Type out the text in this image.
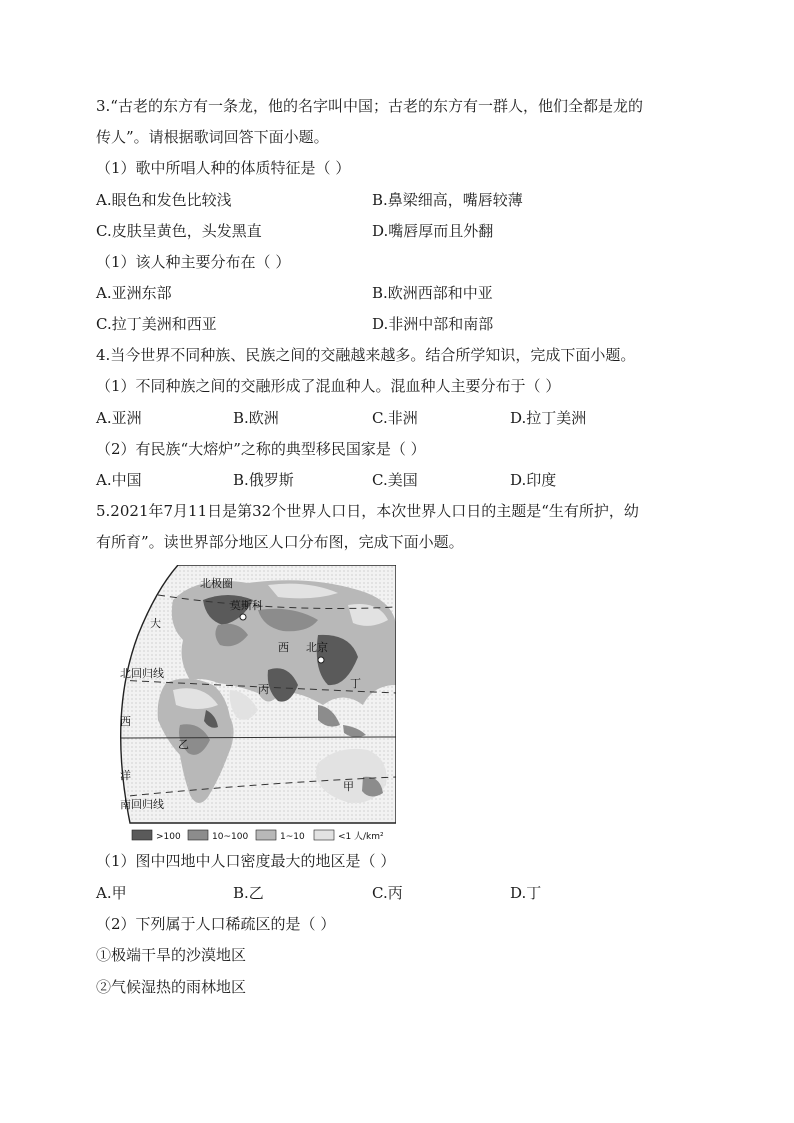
3.“古老的东方有一条龙，他的名字叫中国；古老的东方有一群人，他们全都是龙的
传人”。请根据歌词回答下面小题。
（1）歌中所唱人种的体质特征是（ ）
A.眼色和发色比较浅	B.鼻梁细高，嘴唇较薄
C.皮肤呈黄色，头发黑直	D.嘴唇厚而且外翻
（1）该人种主要分布在（ ）
A.亚洲东部	B.欧洲西部和中亚
C.拉丁美洲和西亚	D.非洲中部和南部
4.当今世界不同种族、民族之间的交融越来越多。结合所学知识，完成下面小题。
（1）不同种族之间的交融形成了混血种人。混血种人主要分布于（ ）
A.亚洲	B.欧洲	C.非洲	D.拉丁美洲
（2）有民族“大熔炉”之称的典型移民国家是（ ）
A.中国	B.俄罗斯	C.美国	D.印度
5.2021年7月11日是第32个世界人口日，本次世界人口日的主题是“生有所护，幼
有所育”。读世界部分地区人口分布图，完成下面小题。
北极圈
莫斯科
西 北京
北回归线
丙	丁
乙
甲
南回归线
大
西
洋
>100	10~100	1~10	<1 人/km²
（1）图中四地中人口密度最大的地区是（ ）
A.甲	B.乙	C.丙	D.丁
（2）下列属于人口稀疏区的是（ ）
①极端干旱的沙漠地区
②气候湿热的雨林地区
